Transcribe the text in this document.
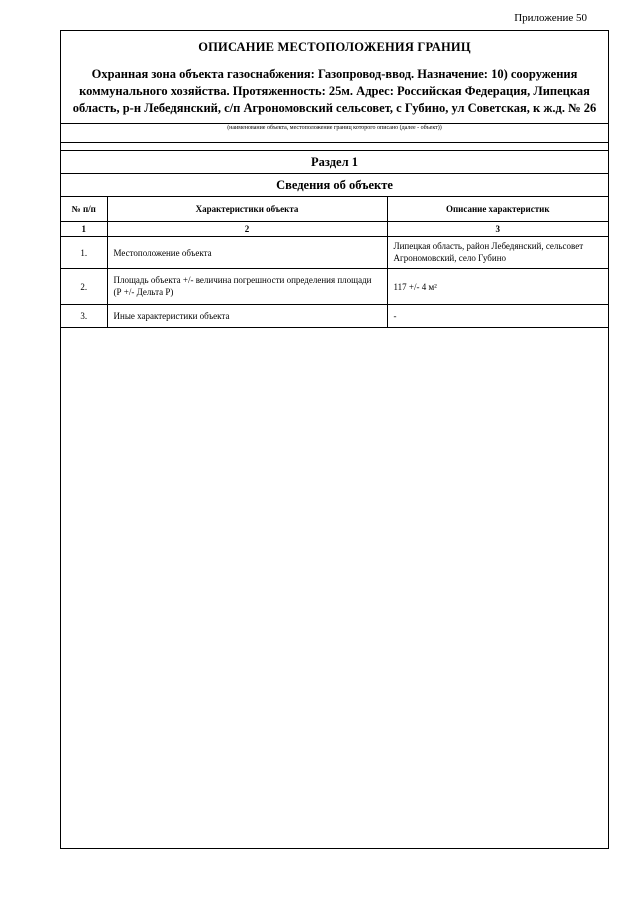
Приложение 50
ОПИСАНИЕ МЕСТОПОЛОЖЕНИЯ ГРАНИЦ
Охранная зона объекта газоснабжения: Газопровод-ввод. Назначение: 10) сооружения коммунального хозяйства. Протяженность: 25м. Адрес: Российская Федерация, Липецкая область, р-н Лебедянский, с/п Агрономовский сельсовет, с Губино, ул Советская, к ж.д. № 26
(наименование объекта, местоположение границ которого описано (далее - объект))
Раздел 1
Сведения об объекте
№ п/п	Характеристики объекта	Описание характеристик
1	2	3
1.	Местоположение объекта	Липецкая область, район Лебедянский, сельсовет Агрономовский, село Губино
2.	Площадь объекта +/- величина погрешности определения площади (Р +/- Дельта Р)	117 +/- 4 м²
3.	Иные характеристики объекта	-
